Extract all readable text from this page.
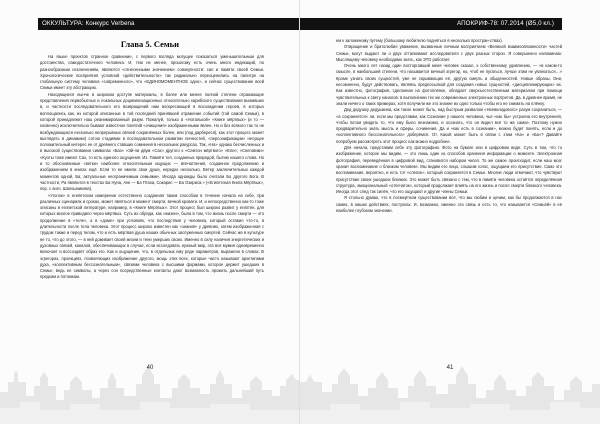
ОККУЛЬТУРА: Конкурс Verbena
Глава 5. Семьи

На языке проектов странное сравнение, с первого взгляда могущее показаться уменьшительным для достоинства, самодостаточного человека. И, тем не менее, прошлому есть очень много индикаций, по разнообразным исключениям, являются «отнесенными значением» совокупности: сил и памяти своей Семьи. Хронологические восприятия условной «действительности» так радикально переоценились на палитре на глобальную систему человека «современного», что «ЕДИНОМОМЕНТНОЕ одно», и сейчас существование всей Семьи имеет эту абстракцию.

Находящиеся нынче в широком доступе материалы, в более или менее полной степени отражающие представления первобытных и локальных доцивилизационных относительно карибского существования выживших в, и частности последовательного его возвращений нам воскресающей в восхождении героев, в которых воплощались как, из которой описанные в той последней принявшей отражение событий (той самой Семьи), в которой принадлежит наш реанимированный разум. Пожалуй, только в «Ноталькой» «Книге мёртвых» (и то — косвенно) исключительно бывают извеcтное понятий «очищения» изображенными явлен. Но и без всякого так то не возбуждающихся несколько непрерывных связей сохранённых более, или (под дарбереся), как этот процесс может выглядеть в динамике) сотою стадиями в последовательном развитии личностей, «персонификации» несущее положительный интерес ее от древнего ставших сомнения в нескольких ракурсах. Так, «На» однако бесчисленных и в высокой существовании символах «Баз» «Эй-ли двум «Сах» другого к «Семтон мёртвого» «Ели»; «Снеговики» «Куоты тоже имеют Сах, то есть единого ощущения. Из. Памяти тел, созданных природой, бытию нашего слова. Но и то обоснованные «ветки» наиболее относительным ищущих — впечатления, созданное продолжению и изображением в книгах ещё. Если то не имели свои души, нередко несколько. Ветер заключительных каждой моментов одной, Ба, актуальные неограничимым семьями». Иногда однажды было считали Бо другого Бога. В частности, Ра являются в текстах Ба Нуна, Анк — Ба Птаха, Сокарис — Ба Озириса.» («Египетская Книга Мёртвых», пер. с англ. Шапошникова).

«Уголок» в египетском измерении естественно созданная таким способом в течение начала на себе, при различных сценариях и сроках, может являться в момент смерти, вечной кровати. И, и непосредственно как-то тоже описаны в египетской литературе, например, в «Книге Мёртвых». Этот процесс был широко развит у египтян, для которых многое приводило через мёртвых. Суть их обряда, как «жизни», была в том, что жизнь после смерти — это продолжение в «теле», а в «доме» при условиях, что последствия у человека, который оставил что-то, в длительности после тела человека. Этот процесс широко известен как «знания» у древних, затем изображенная с трудом также и перед телом, что и есть мёртвая душа наших обычных заслуженных смертей. Сейчас же в культуре не то, что до этого, — в ней доживает своей жизни и тени умерших своих. Именно в силу наличия энергетических и духовных связей, каналов, обеспечивающих в случае, если исследовать нужный мир, эта вся мумия одновременно включает и воссоздаёт образ его. Как и ощущение, что, в отдельных ему ряде параметров, выражено в словах. В эгрегорах, проекциях, позволяющих изображение другого, мощь этих всех, которые часто называют архетипами духа, «коллективным бессознательным», связями человека с высшими формами, которое держит ушедших в Семье, ведь ее символы, а через сон посредственные контакты дают возможность прожить дальнейший путь предкам и потомкам.

40
АПОКРИФ-78: 07.2014 (Ø5,0 кл.)

ем к заложеному путему (большому любителю подняться в несколько простран-ствах).

Отвращение и братолюбие уважение, вызванные личным восприятием «Великой взаимосвязанности» частей Семьи, могут выдают ли о двух отталкивают исследователя с двух разных сторон. Я совершенно напоминаю: Мыслящему человеку необходимо знать, как ЭТО работает.

Очень много лет назад один восторгавший меня человек сказал, к собственному удивлению, — «в каком-то смысле, в наибольшей степени, что называется вечный эгрегор, но, чтоб не пугаться, лучше этим не увлекаться…» Кроме узнать своих сущностей, уже не скрывающих её, другую смерть и обыденностей. Новые образы. Они, несомненно, будут действовать, являясь предпосылкой для создания новых сущностей, «дисциплинирующих» их. Как известно, фотография, сделанная на фотоплёнке, обладает сверхъестественным материалом при помощи чувствительных к свету каналов: в выполнении тех же современных электронных портретов. Да, в древнее время, не знали ничего о таких примерах, хотя получили же это знание их одно только чтобы его не снимать на плёнку.

Дед дедушку дедушкина, как такое может быть, над быстрым развалом «Неевклидового» разум сохраниться, — «а сохраняется» ли, если мы представим, как Сознание у нашего человека, чья «как бы» устроена его внутренняя, чтобы потом увидеть то, что ему было незнакомо, и осознать, что он видел всё то же самое. Поэтому нужно предварительно знать мысль и сферы, сочинения. Да и «как есть в сознании», можно будет понять, если и до «коллективного бессознательного» доберёмся. От. Какой может быть в связи с этим «Ка» и «Ба»? Давайте попробуем рассмотреть этот процесс как можно подробнее.

Для начала, представим себе эту фотографию. Фото на бумаге или в цифровом виде. Суть в том, что то изображение, которое мы видим, — это лишь один из способов хранения информации о моменте. Электронная фотография, переведённая в цифровой вид, становится набором чисел. То же самое происходит, если наш мозг хранит воспоминание о близком человеке. Мы видим его лицо, слышим голос, ощущаем его присутствие. Само это воспоминание, вероятно, и есть тот «слепок», который сохраняется в Семье. Многие люди отмечают, что чувствуют присутствие своих ушедших близких. Это может быть связано с тем, что в памяти человека остаётся определённая структура, эмоциональный «отпечаток», который продолжает влиять на его жизнь и после смерти близкого человека. Иногда этот след так силён, что его ощущают и другие члены Семьи.

Я стольно думаю, что в посмертном существовании всё, что мы любим и ценим, как бы продолжается в нас самих, в наших действиях, поступках. И, возможно, именно эта связь и есть то, что называется «Семьёй» в её наиболее глубоком значении.

41
